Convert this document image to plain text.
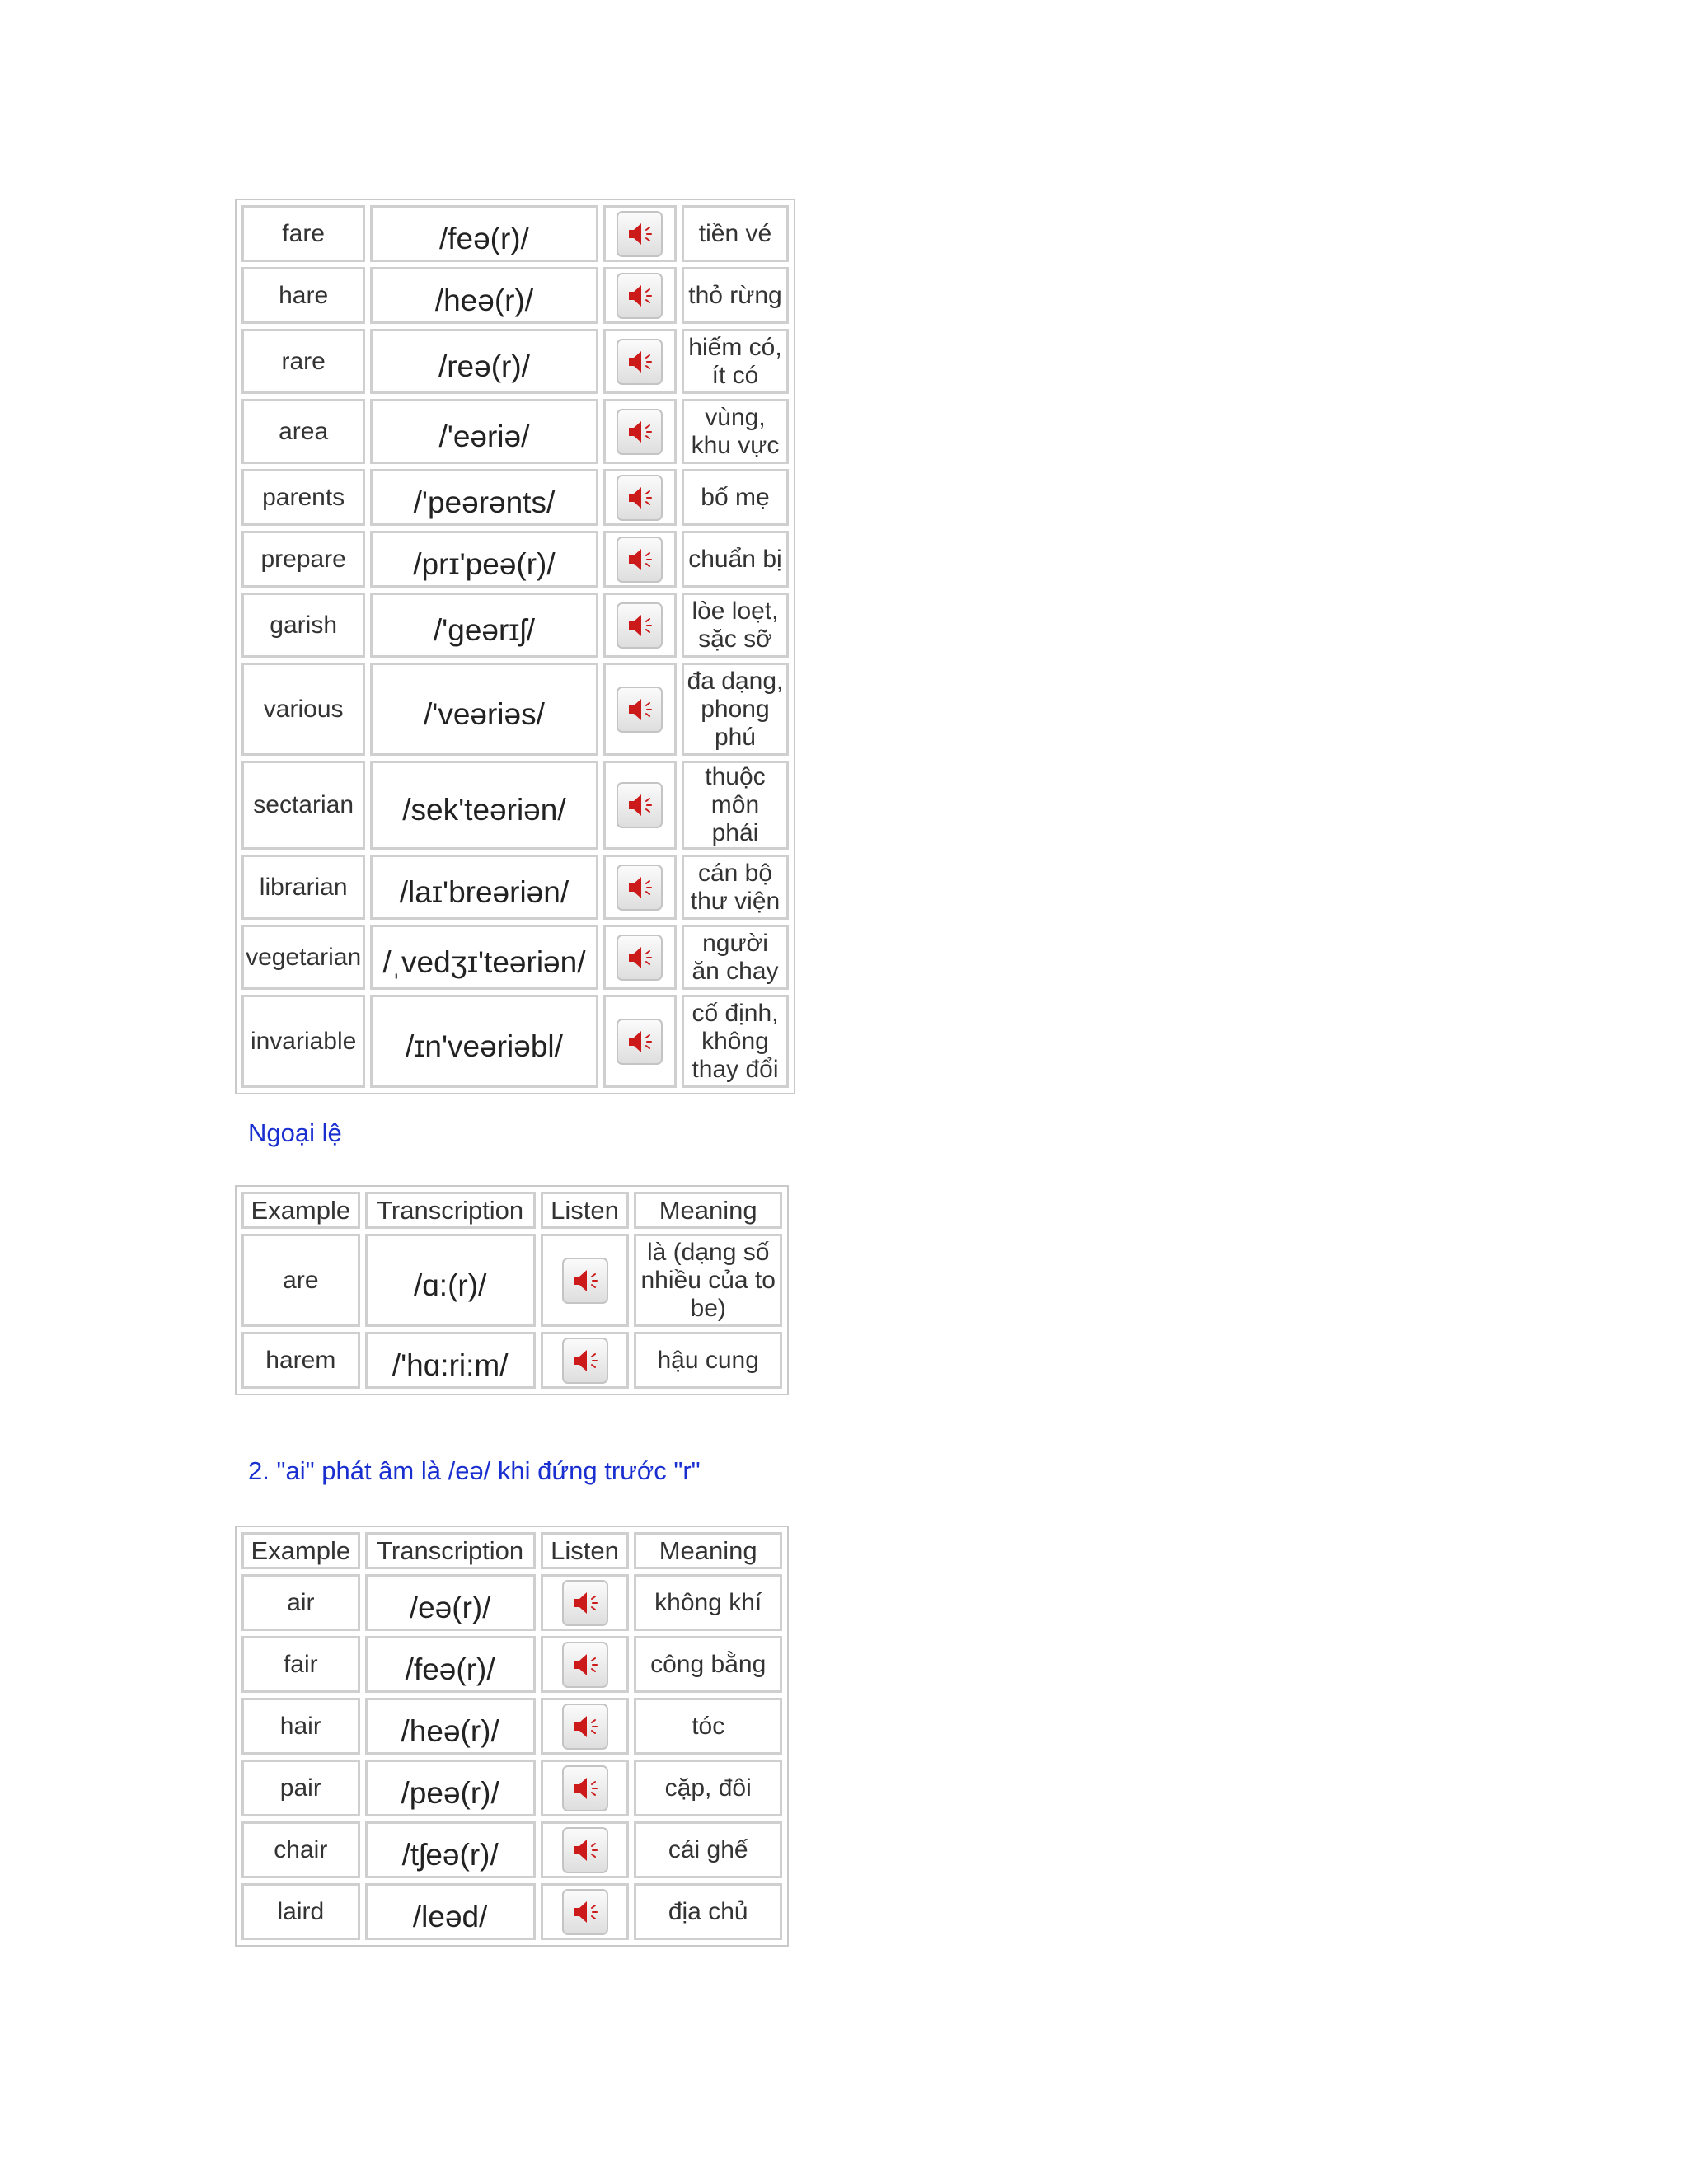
fare	/feə(r)/		tiền vé
hare	/heə(r)/		thỏ rừng
rare	/reə(r)/		hiếm có, ít có
area	/'eəriə/		vùng, khu vực
parents	/'peərənts/		bố mẹ
prepare	/prɪ'peə(r)/		chuẩn bị
garish	/'geərɪʃ/		lòe loẹt, sặc sỡ
various	/'veəriəs/		đa dạng, phong phú
sectarian	/sek'teəriən/		thuộc môn phái
librarian	/laɪ'breəriən/		cán bộ thư viện
vegetarian	/ˌvedʒɪ'teəriən/		người ăn chay
invariable	/ɪn'veəriəbl/		cố định, không thay đổi
Ngoại lệ
Example	Transcription	Listen	Meaning
are	/ɑ:(r)/		là (dạng số nhiều của to be)
harem	/'hɑ:ri:m/		hậu cung
2. "ai" phát âm là /eə/ khi đứng trước "r"
Example	Transcription	Listen	Meaning
air	/eə(r)/		không khí
fair	/feə(r)/		công bằng
hair	/heə(r)/		tóc
pair	/peə(r)/		cặp, đôi
chair	/tʃeə(r)/		cái ghế
laird	/leəd/		địa chủ
